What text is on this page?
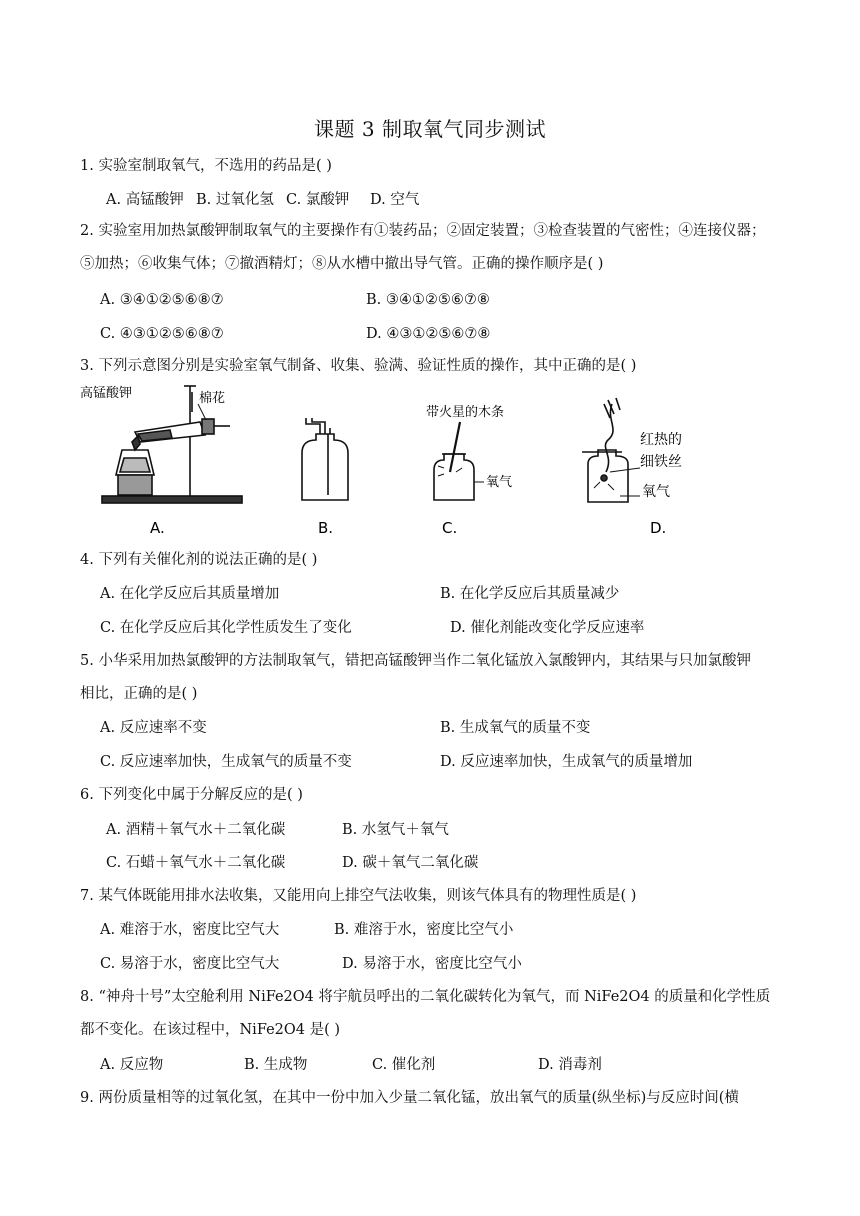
课题 3 制取氧气同步测试
1. 实验室制取氧气，不选用的药品是( )
A. 高锰酸钾 B. 过氧化氢 C. 氯酸钾 D. 空气
2. 实验室用加热氯酸钾制取氧气的主要操作有①装药品；②固定装置；③检查装置的气密性；④连接仪器；
⑤加热；⑥收集气体；⑦撤酒精灯；⑧从水槽中撤出导气管。正确的操作顺序是( )
A. ③④①②⑤⑥⑧⑦	B. ③④①②⑤⑥⑦⑧
C. ④③①②⑤⑥⑧⑦	D. ④③①②⑤⑥⑦⑧
3. 下列示意图分别是实验室氧气制备、收集、验满、验证性质的操作，其中正确的是( )
高锰酸钾	棉花
A.	B.
带火星的木条
氧气
C.
红热的
细铁丝
氧气
D.
4. 下列有关催化剂的说法正确的是( )
A. 在化学反应后其质量增加	B. 在化学反应后其质量减少
C. 在化学反应后其化学性质发生了变化	D. 催化剂能改变化学反应速率
5. 小华采用加热氯酸钾的方法制取氧气，错把高锰酸钾当作二氧化锰放入氯酸钾内，其结果与只加氯酸钾
相比，正确的是( )
A. 反应速率不变	B. 生成氧气的质量不变
C. 反应速率加快，生成氧气的质量不变	D. 反应速率加快，生成氧气的质量增加
6. 下列变化中属于分解反应的是( )
A. 酒精＋氧气水＋二氧化碳	B. 水氢气＋氧气
C. 石蜡＋氧气水＋二氧化碳	D. 碳＋氧气二氧化碳
7. 某气体既能用排水法收集，又能用向上排空气法收集，则该气体具有的物理性质是( )
A. 难溶于水，密度比空气大	B. 难溶于水，密度比空气小
C. 易溶于水，密度比空气大	D. 易溶于水，密度比空气小
8. “神舟十号”太空舱利用 NiFe2O4 将宇航员呼出的二氧化碳转化为氧气，而 NiFe2O4 的质量和化学性质
都不变化。在该过程中，NiFe2O4 是( )
A. 反应物	B. 生成物	C. 催化剂	D. 消毒剂
9. 两份质量相等的过氧化氢，在其中一份中加入少量二氧化锰，放出氧气的质量(纵坐标)与反应时间(横
